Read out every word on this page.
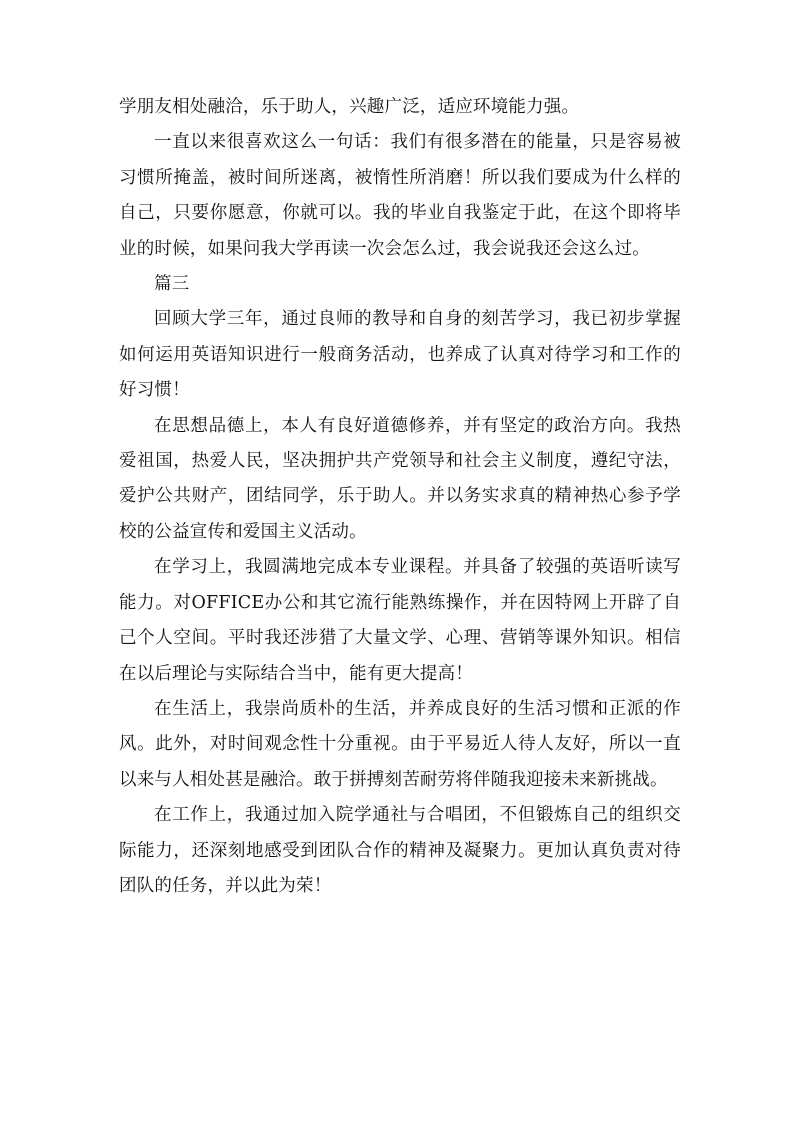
学朋友相处融洽，乐于助人，兴趣广泛，适应环境能力强。

一直以来很喜欢这么一句话：我们有很多潜在的能量，只是容易被习惯所掩盖，被时间所迷离，被惰性所消磨！所以我们要成为什么样的自己，只要你愿意，你就可以。我的毕业自我鉴定于此，在这个即将毕业的时候，如果问我大学再读一次会怎么过，我会说我还会这么过。

篇三

回顾大学三年，通过良师的教导和自身的刻苦学习，我已初步掌握如何运用英语知识进行一般商务活动，也养成了认真对待学习和工作的好习惯！

在思想品德上，本人有良好道德修养，并有坚定的政治方向。我热爱祖国，热爱人民，坚决拥护共产党领导和社会主义制度，遵纪守法，爱护公共财产，团结同学，乐于助人。并以务实求真的精神热心参予学校的公益宣传和爱国主义活动。

在学习上，我圆满地完成本专业课程。并具备了较强的英语听读写能力。对OFFICE办公和其它流行能熟练操作，并在因特网上开辟了自己个人空间。平时我还涉猎了大量文学、心理、营销等课外知识。相信在以后理论与实际结合当中，能有更大提高！

在生活上，我崇尚质朴的生活，并养成良好的生活习惯和正派的作风。此外，对时间观念性十分重视。由于平易近人待人友好，所以一直以来与人相处甚是融洽。敢于拼搏刻苦耐劳将伴随我迎接未来新挑战。

在工作上，我通过加入院学通社与合唱团，不但锻炼自己的组织交际能力，还深刻地感受到团队合作的精神及凝聚力。更加认真负责对待团队的任务，并以此为荣！
